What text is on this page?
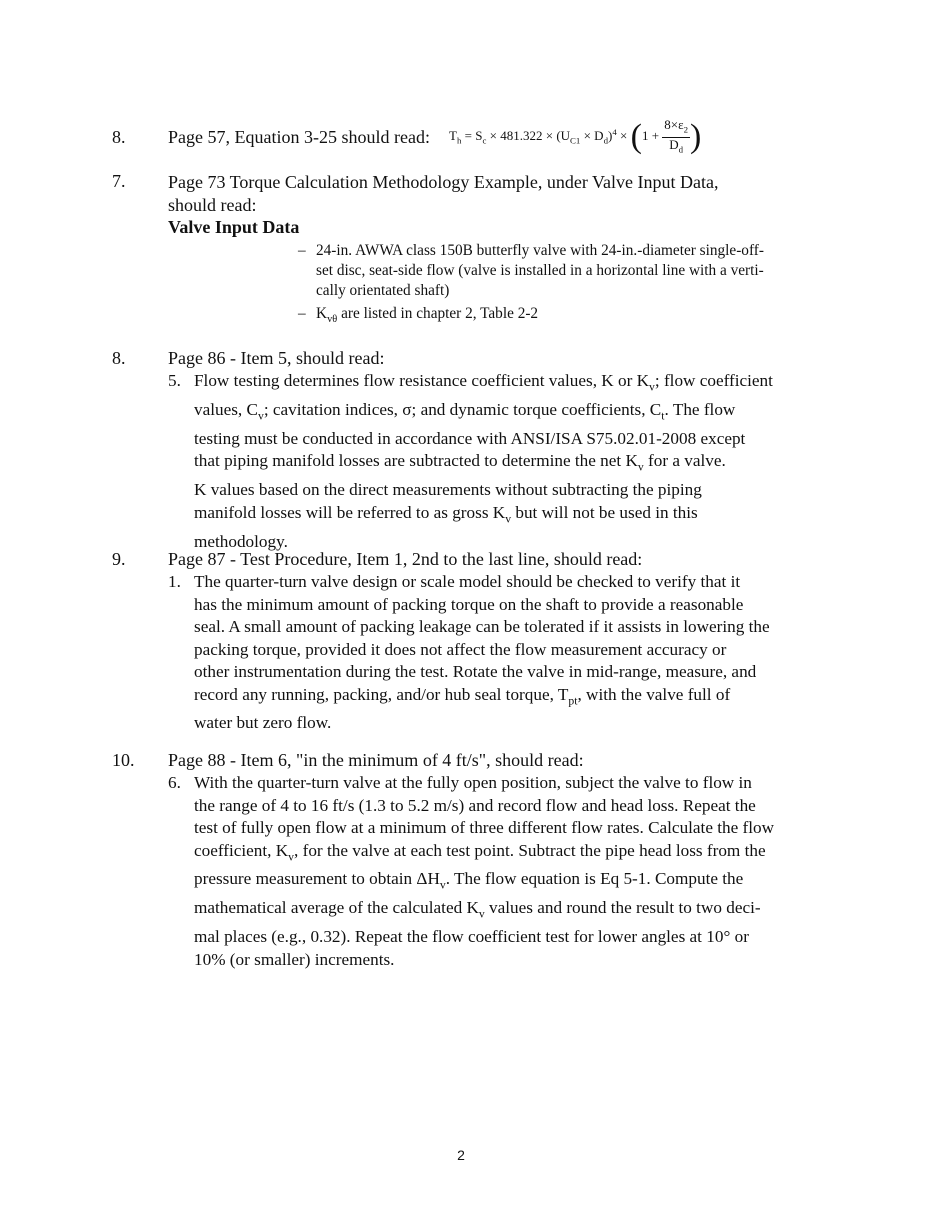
8. Page 57, Equation 3-25 should read: $T_h = S_c \times 481.322 \times (U_{C1} \times D_d)^4 \times (1 + \frac{8\times\varepsilon_2}{D_d})$
7. Page 73 Torque Calculation Methodology Example, under Valve Input Data,
should read:
Valve Input Data
– 24-in. AWWA class 150B butterfly valve with 24-in.-diameter single-off-
set disc, seat-side flow (valve is installed in a horizontal line with a verti-
cally orientated shaft)
– $K_{v\theta}$ are listed in chapter 2, Table 2-2
8. Page 86 - Item 5, should read:
5. Flow testing determines flow resistance coefficient values, K or $K_v$; flow coefficient
values, $C_v$; cavitation indices, σ; and dynamic torque coefficients, $C_t$. The flow
testing must be conducted in accordance with ANSI/ISA S75.02.01-2008 except
that piping manifold losses are subtracted to determine the net $K_v$ for a valve.
K values based on the direct measurements without subtracting the piping
manifold losses will be referred to as gross $K_v$ but will not be used in this
methodology.
9. Page 87 - Test Procedure, Item 1, 2nd to the last line, should read:
1. The quarter-turn valve design or scale model should be checked to verify that it
has the minimum amount of packing torque on the shaft to provide a reasonable
seal. A small amount of packing leakage can be tolerated if it assists in lowering the
packing torque, provided it does not affect the flow measurement accuracy or
other instrumentation during the test. Rotate the valve in mid-range, measure, and
record any running, packing, and/or hub seal torque, $T_{pt}$, with the valve full of
water but zero flow.
10. Page 88 - Item 6, "in the minimum of 4 ft/s", should read:
6. With the quarter-turn valve at the fully open position, subject the valve to flow in
the range of 4 to 16 ft/s (1.3 to 5.2 m/s) and record flow and head loss. Repeat the
test of fully open flow at a minimum of three different flow rates. Calculate the flow
coefficient, $K_v$, for the valve at each test point. Subtract the pipe head loss from the
pressure measurement to obtain $\Delta H_v$. The flow equation is Eq 5-1. Compute the
mathematical average of the calculated $K_v$ values and round the result to two deci-
mal places (e.g., 0.32). Repeat the flow coefficient test for lower angles at 10° or
10% (or smaller) increments.
2
